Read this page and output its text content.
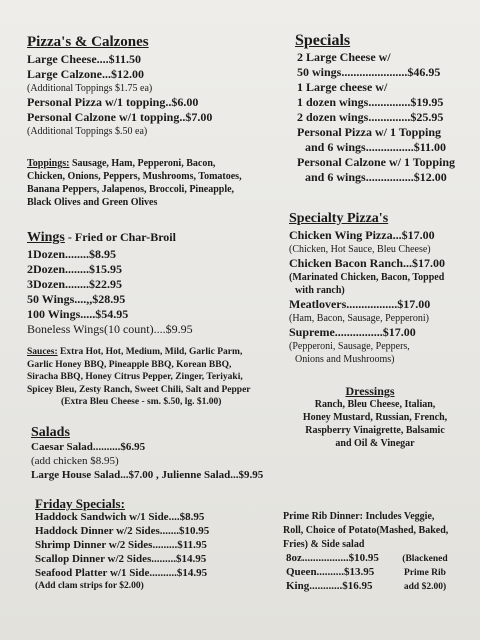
Pizza's & Calzones
Large Cheese....$11.50
Large Calzone...$12.00
(Additional Toppings $1.75 ea)
Personal Pizza w/1 topping..$6.00
Personal Calzone w/1 topping..$7.00
(Additional Toppings $.50 ea)
Toppings: Sausage, Ham, Pepperoni, Bacon,
Chicken, Onions, Peppers, Mushrooms, Tomatoes,
Banana Peppers, Jalapenos, Broccoli, Pineapple,
Black Olives and Green Olives
Wings - Fried or Char-Broil
1Dozen........$8.95
2Dozen........$15.95
3Dozen........$22.95
50 Wings....,,$28.95
100 Wings.....$54.95
Boneless Wings(10 count)....$9.95
Sauces: Extra Hot, Hot, Medium, Mild, Garlic Parm,
Garlic Honey BBQ, Pineapple BBQ, Korean BBQ,
Siracha BBQ, Honey Citrus Pepper, Zinger, Teriyaki,
Spicey Bleu, Zesty Ranch, Sweet Chili, Salt and Pepper
(Extra Bleu Cheese - sm. $.50, lg. $1.00)
Salads
Caesar Salad..........$6.95
(add chicken $8.95)
Large House Salad...$7.00 , Julienne Salad...$9.95
Friday Specials:
Haddock Sandwich w/1 Side....$8.95
Haddock Dinner w/2 Sides.......$10.95
Shrimp Dinner w/2 Sides.........$11.95
Scallop Dinner w/2 Sides.........$14.95
Seafood Platter w/1 Side..........$14.95
(Add clam strips for $2.00)
Specials
2 Large Cheese w/
50 wings......................$46.95
1 Large cheese w/
1 dozen wings..............$19.95
2 dozen wings..............$25.95
Personal Pizza w/ 1 Topping
and 6 wings................$11.00
Personal Calzone w/ 1 Topping
and 6 wings................$12.00
Specialty Pizza's
Chicken Wing Pizza...$17.00
(Chicken, Hot Sauce, Bleu Cheese)
Chicken Bacon Ranch...$17.00
(Marinated Chicken, Bacon, Topped
with ranch)
Meatlovers.................$17.00
(Ham, Bacon, Sausage, Pepperoni)
Supreme................$17.00
(Pepperoni, Sausage, Peppers,
Onions and Mushrooms)
Dressings
Ranch, Bleu Cheese, Italian,
Honey Mustard, Russian, French,
Raspberry Vinaigrette, Balsamic
and Oil & Vinegar
Prime Rib Dinner: Includes Veggie,
Roll, Choice of Potato(Mashed, Baked,
Fries) & Side salad
8oz.................$10.95
Queen..........$13.95
King............$16.95
(Blackened
Prime Rib
add $2.00)
